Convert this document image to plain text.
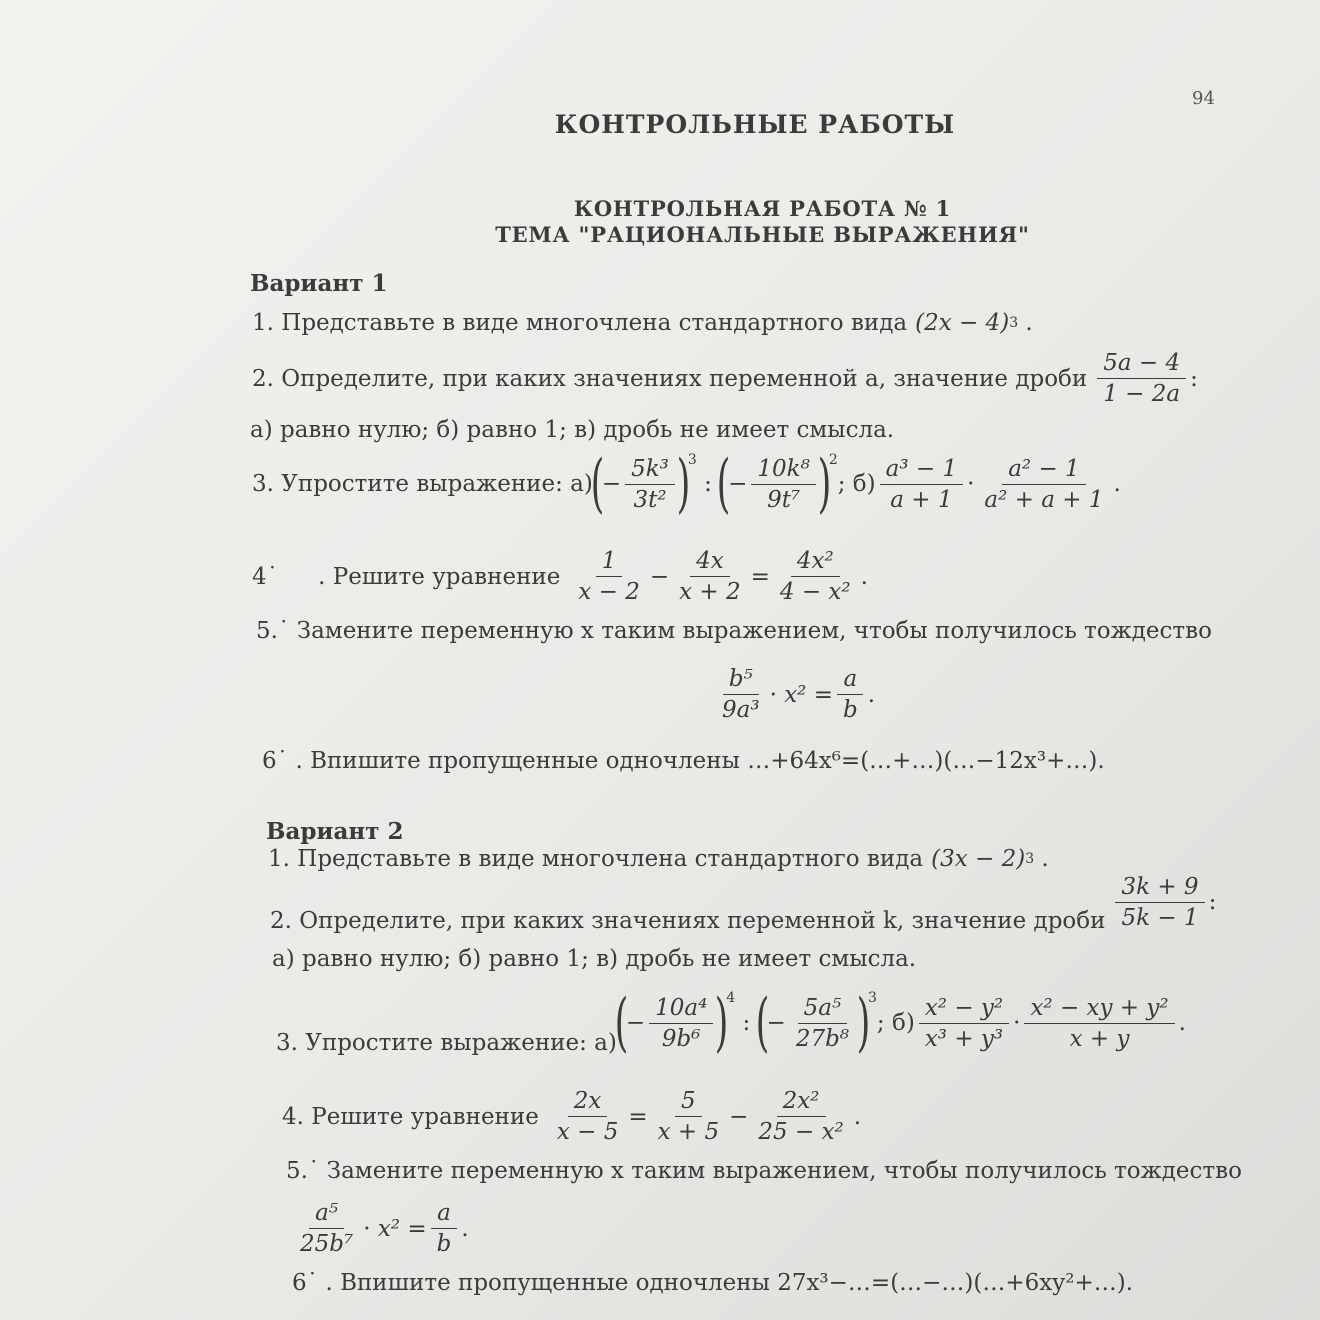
94
КОНТРОЛЬНЫЕ РАБОТЫ
КОНТРОЛЬНАЯ РАБОТА № 1
ТЕМА "РАЦИОНАЛЬНЫЕ ВЫРАЖЕНИЯ"
Вариант 1
1. Представьте в виде многочлена стандартного вида (2x − 4) 3 .
2. Определите, при каких значениях переменной a, значение дроби $\frac{5a - 4}{1 - 2a}$ :
а) равно нулю; б) равно 1; в) дробь не имеет смысла.
3. Упростите выражение: а)
(
− $\frac{\text{5k³}}{\text{3t²}}$ )
3
:
(
− $\frac{\text{10k⁸}}{\text{9t⁷}}$ )
2
; $б) \frac{\text{a³ − 1}}{a + 1} \cdot \frac{\text{a² − 1}}{\text{a² + a + 1}}$ .
4˙ . Решите уравнение $\frac{1}{x - 2} - \frac{4x}{x + 2} = \frac{\text{4x²}}{\text{4 − x²}}$ .
5.˙ Замените переменную x таким выражением, чтобы получилось тождество
$\frac{\text{b⁵}}{\text{9a³}} \cdot x^2 = \frac{a}{b}$ .
6˙ . Впишите пропущенные одночлены …+64x⁶=(…+…)(…−12x³+…).
Вариант 2
1. Представьте в виде многочлена стандартного вида (3x − 2) 3 .
2. Определите, при каких значениях переменной k, значение дроби $\frac{3k + 9}{5k - 1}$ :
а) равно нулю; б) равно 1; в) дробь не имеет смысла.
3. Упростите выражение: а)
(
− $\frac{\text{10a⁴}}{\text{9b⁶}}$ )
4
:
(
− $\frac{\text{5a⁵}}{\text{27b⁸}}$ )
3
; $б) \frac{\text{x² − y²}}{\text{x³ + y³}} \cdot \frac{\text{x² − xy + y²}}{x + y}$ .
4. Решите уравнение $\frac{2x}{x - 5} = \frac{5}{x + 5} - \frac{\text{2x²}}{\text{25 − x²}}$ .
5.˙ Замените переменную x таким выражением, чтобы получилось тождество
$\frac{\text{a⁵}}{\text{25b⁷}} \cdot x^2 = \frac{a}{b}$ .
6˙ . Впишите пропущенные одночлены 27x³−…=(…−…)(…+6xy²+…).
